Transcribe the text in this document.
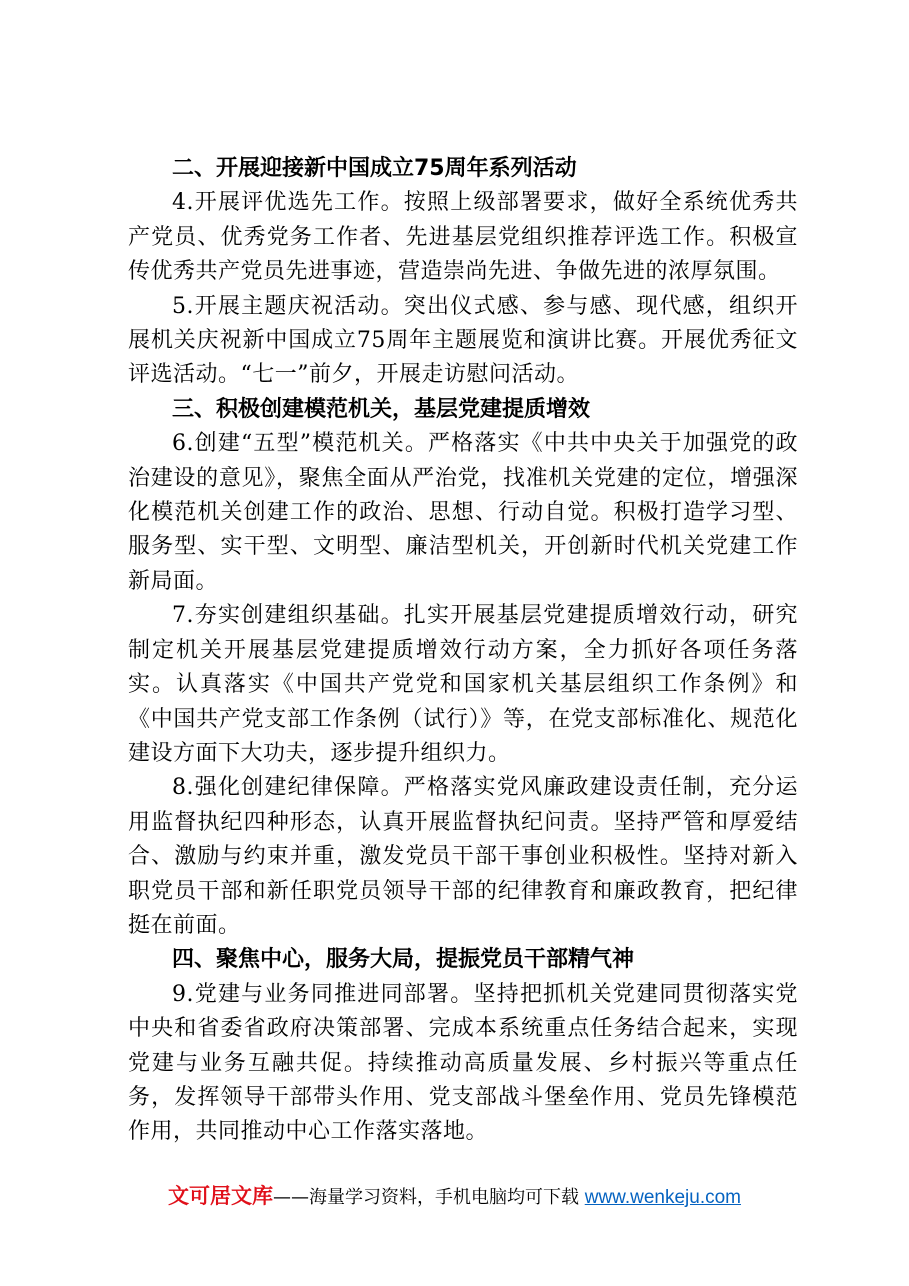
二、开展迎接新中国成立75周年系列活动

4.开展评优选先工作。按照上级部署要求，做好全系统优秀共产党员、优秀党务工作者、先进基层党组织推荐评选工作。积极宣传优秀共产党员先进事迹，营造崇尚先进、争做先进的浓厚氛围。

5.开展主题庆祝活动。突出仪式感、参与感、现代感，组织开展机关庆祝新中国成立75周年主题展览和演讲比赛。开展优秀征文评选活动。“七一”前夕，开展走访慰问活动。

三、积极创建模范机关，基层党建提质增效

6.创建“五型”模范机关。严格落实《中共中央关于加强党的政治建设的意见》，聚焦全面从严治党，找准机关党建的定位，增强深化模范机关创建工作的政治、思想、行动自觉。积极打造学习型、服务型、实干型、文明型、廉洁型机关，开创新时代机关党建工作新局面。

7.夯实创建组织基础。扎实开展基层党建提质增效行动，研究制定机关开展基层党建提质增效行动方案，全力抓好各项任务落实。认真落实《中国共产党党和国家机关基层组织工作条例》和《中国共产党支部工作条例（试行）》等，在党支部标准化、规范化建设方面下大功夫，逐步提升组织力。

8.强化创建纪律保障。严格落实党风廉政建设责任制，充分运用监督执纪四种形态，认真开展监督执纪问责。坚持严管和厚爱结合、激励与约束并重，激发党员干部干事创业积极性。坚持对新入职党员干部和新任职党员领导干部的纪律教育和廉政教育，把纪律挺在前面。

四、聚焦中心，服务大局，提振党员干部精气神

9.党建与业务同推进同部署。坚持把抓机关党建同贯彻落实党中央和省委省政府决策部署、完成本系统重点任务结合起来，实现党建与业务互融共促。持续推动高质量发展、乡村振兴等重点任务，发挥领导干部带头作用、党支部战斗堡垒作用、党员先锋模范作用，共同推动中心工作落实落地。

文可居文库——海量学习资料，手机电脑均可下载 www.wenkeju.com
